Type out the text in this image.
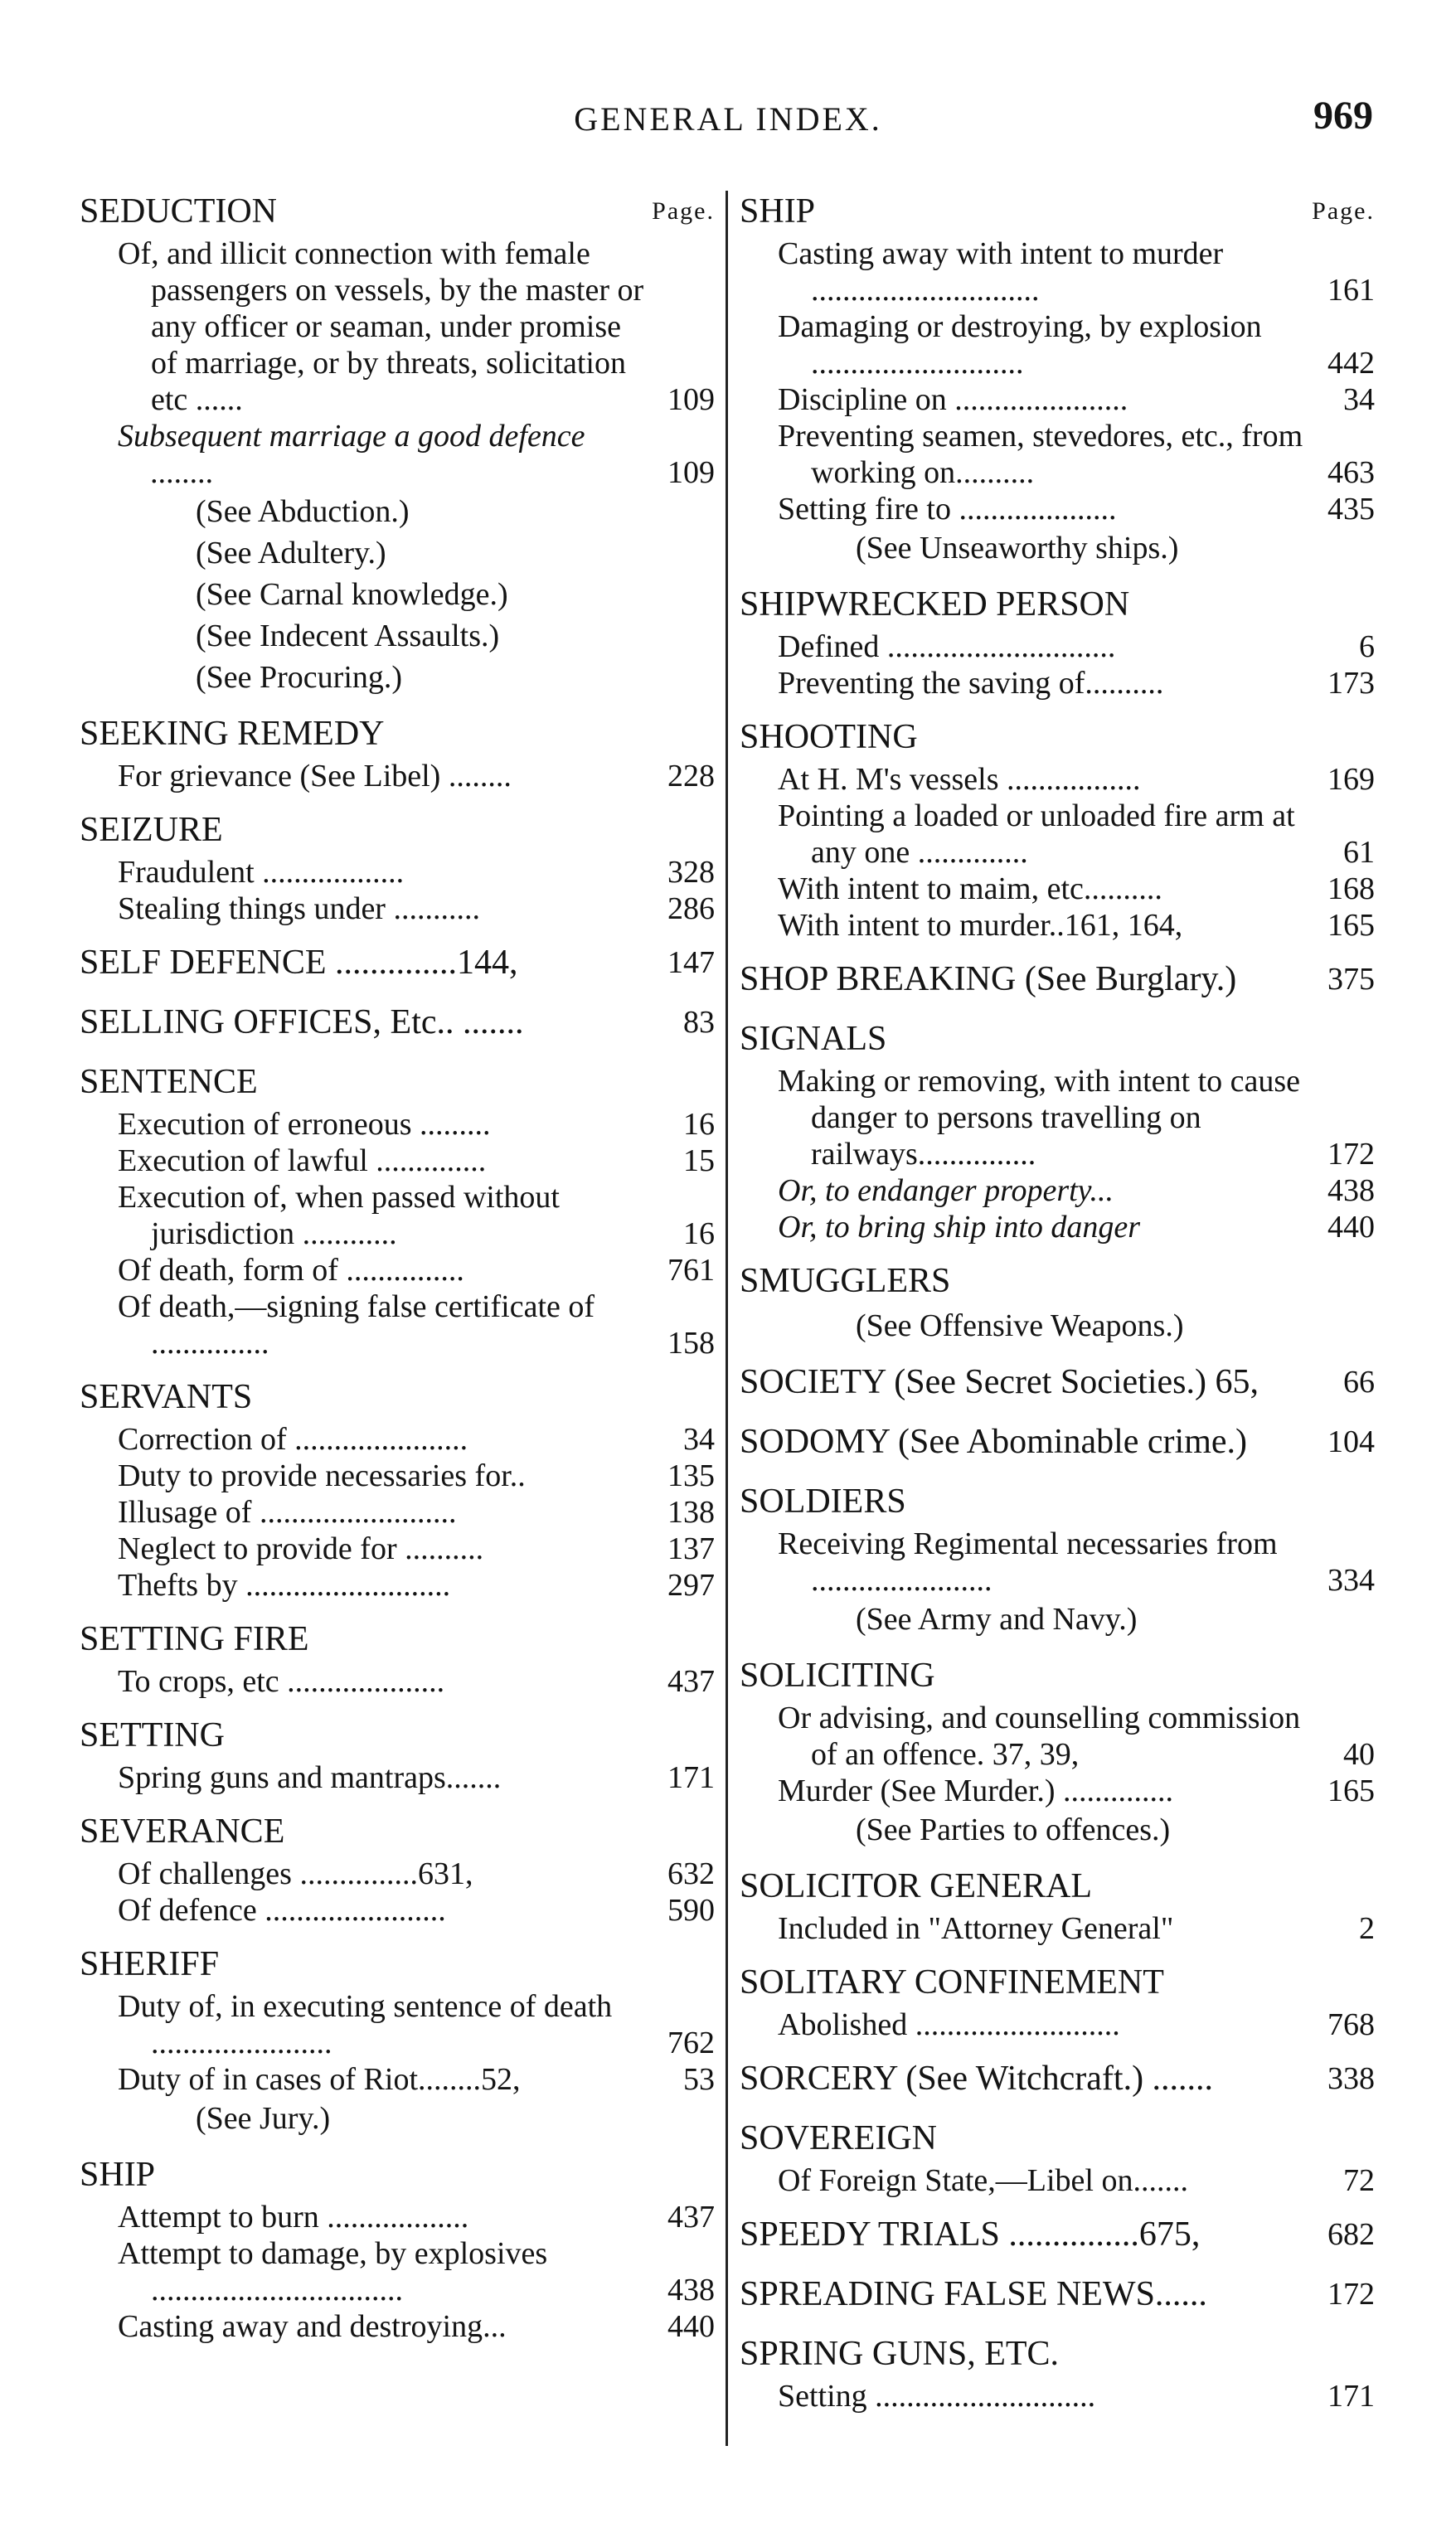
GENERAL INDEX.	969
SEDUCTION	Page.
Of, and illicit connection with female passengers on vessels, by the master or any officer or seaman, under promise of marriage, or by threats, solicitation etc ......	109
Subsequent marriage a good defence ........	109
(See Abduction.)
(See Adultery.)
(See Carnal knowledge.)
(See Indecent Assaults.)
(See Procuring.)
SEEKING REMEDY
For grievance (See Libel) ........	228
SEIZURE
Fraudulent ..................	328
Stealing things under ...........	286
SELF DEFENCE ..............144,	147
SELLING OFFICES, Etc.. .......	83
SENTENCE
Execution of erroneous .........	16
Execution of lawful ..............	15
Execution of, when passed without jurisdiction ............	16
Of death, form of ...............	761
Of death,—signing false certificate of ...............	158
SERVANTS
Correction of ......................	34
Duty to provide necessaries for..	135
Illusage of .........................	138
Neglect to provide for ..........	137
Thefts by ..........................	297
SETTING FIRE
To crops, etc ....................	437
SETTING
Spring guns and mantraps.......	171
SEVERANCE
Of challenges ...............631,	632
Of defence .......................	590
SHERIFF
Duty of, in executing sentence of death .......................	762
Duty of in cases of Riot........52,	53
(See Jury.)
SHIP
Attempt to burn ..................	437
Attempt to damage, by explosives ................................	438
Casting away and destroying...	440
SHIP	Page.
Casting away with intent to murder .............................	161
Damaging or destroying, by explosion ...........................	442
Discipline on ......................	34
Preventing seamen, stevedores, etc., from working on..........	463
Setting fire to ....................	435
(See Unseaworthy ships.)
SHIPWRECKED PERSON
Defined .............................	6
Preventing the saving of..........	173
SHOOTING
At H. M's vessels .................	169
Pointing a loaded or unloaded fire arm at any one ..............	61
With intent to maim, etc..........	168
With intent to murder..161, 164,	165
SHOP BREAKING (See Burglary.)	375
SIGNALS
Making or removing, with intent to cause danger to persons travelling on railways...............	172
Or, to endanger property...	438
Or, to bring ship into danger	440
SMUGGLERS
(See Offensive Weapons.)
SOCIETY (See Secret Societies.) 65,	66
SODOMY (See Abominable crime.)	104
SOLDIERS
Receiving Regimental necessaries from .......................	334
(See Army and Navy.)
SOLICITING
Or advising, and counselling commission of an offence. 37, 39,	40
Murder (See Murder.) ..............	165
(See Parties to offences.)
SOLICITOR GENERAL
Included in "Attorney General"	2
SOLITARY CONFINEMENT
Abolished ..........................	768
SORCERY (See Witchcraft.) .......	338
SOVEREIGN
Of Foreign State,—Libel on.......	72
SPEEDY TRIALS ...............675,	682
SPREADING FALSE NEWS......	172
SPRING GUNS, ETC.
Setting ............................	171
